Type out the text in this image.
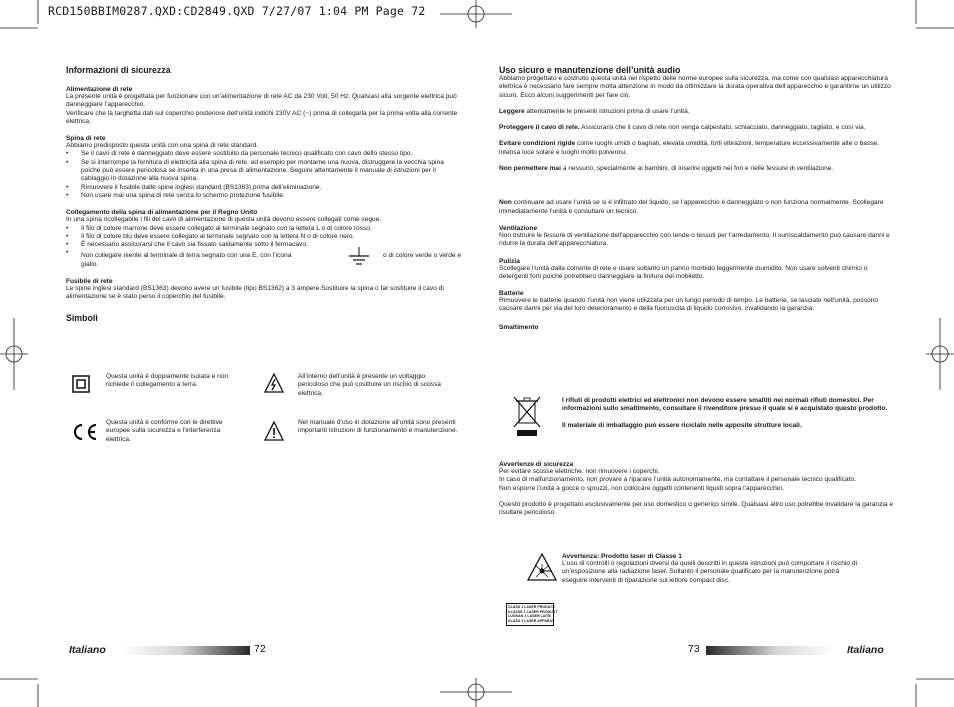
RCD150BBIM0287.QXD:CD2849.QXD 7/27/07 1:04 PM Page 72
Informazioni di sicurezza
Alimentazione di rete
La presente unità è progettata per funzionare con un’alimentazione di rete AC da 230 Volt, 50 Hz. Qualsiasi alta sorgente elettrica può danneggiare l’apparecchio.
Verificare che la targhetta dati sul coperchio posteriore dell’unità indichi 230V AC (~) prima di collegarla per la prima volta alla corrente elettrica.
Spina di rete
Abbiamo predisposto questa unità con una spina di rete standard.
• Se il cavo di rete è danneggiato deve essere sostituito da personale tecnico qualificato con cavo dello stesso tipo.
• Se si interrompe la fornitura di elettricità alla spina di rete, ad esempio per montarne una nuova, distruggere la vecchia spina poiché può essere pericolosa se inserita in una presa di alimentazione. Seguire attentamente il manuale di istruzioni per il cablaggio in dotazione alla nuova spina.
• Rimuovere il fusibile dalle spine inglesi standard (BS1363) prima dell’eliminazione.
• Non usare mai una spina di rete senza lo schermo protezione fusibile.
Collegamento della spina di alimentazione per il Regno Unito
In una spina ricollegabile i fili del cavo di alimentazione di questa unità devono essere collegati come segue.
• Il filo di colore marrone deve essere collegato al terminale segnato con la lettera L o di colore rosso.
• Il filo di colore blu deve essere collegato al terminale segnato con la lettera N o di colore nero.
• È necessario assicurarsi che il cavo sia fissato saldamente sotto il fermacavo.
• Non collegare niente al terminale di terra segnato con una E, con l’icona	o di colore verde o verde e giallo.
Fusibile di rete
Le spine inglesi standard (BS1363) devono avere un fusibile (tipo BS1362) a 3 ampere.Sostituire la spina o far sostituire il cavo di alimentazione se è stato perso il coperchio del fusibile.
Simboli
Questa unità è doppiamente isolata e non richiede il collegamento a terra.
All’interno dell’unità è presente un voltaggio pericoloso che può costituire un rischio di scossa elettrica.
Questa unità è conforme con le direttive europee sulla sicurezza e l’interferenza elettrica.
Nel manuale d’uso in dotazione all’unità sono presenti importanti istruzioni di funzionamento e manutenzione.
Italiano	72
Uso sicuro e manutenzione dell’unità audio
Abbiamo progettato e costruito questa unità nel rispetto delle norme europee sulla sicurezza, ma come con qualsiasi apparecchiatura elettrica è necessario fare sempre molta attenzione in modo da ottimizzare la durata operativa dell’apparecchio e garantirne un utilizzo sicuro. Ecco alcuni suggerimenti per fare ciò.
Leggere attentamente le presenti istruzioni prima di usare l’unità.
Proteggere il cavo di rete. Assicurarsi che il cavo di rete non venga calpestato, schiacciato, danneggiato, tagliato, e così via.
Evitare condizioni rigide come luoghi umidi o bagnati, elevata umidità, forti vibrazioni, temperature eccessivamente alte o basse, intensa luce solare e luoghi molto polverosi.
Non permettere mai a nessuno, specialmente ai bambini, di inserire oggetti nei fori e nelle fessure di ventilazione.
Non continuare ad usare l’unità se si è infiltrato del liquido, se l’apparecchio è danneggiato o non funziona normalmente. Scollegare immediatamente l’unità e consultare un tecnico.
Ventilazione
Non ostruire le fessure di ventilazione dell’apparecchio con tende o tessuti per l’arredamento. Il surriscaldamento può causare danni e ridurre la durata dell’apparecchiatura.
Pulizia
Scollegare l’unità dalla corrente di rete e usare soltanto un panno morbido leggermente inumidito. Non usare solventi chimici o detergenti forti poiché potrebbero danneggiare la finitura del mobiletto.
Batterie
Rimuovere le batterie quando l’unità non viene utilizzata per un lungo periodo di tempo. Le batterie, se lasciate nell’unità, possono causare danni per via del loro deterioramento e della fuoriuscita di liquido corrosivo, invalidando la garanzia.
Smaltimento
I rifiuti di prodotti elettrici ed elettronici non devono essere smaltiti nei normali rifiuti domestici. Per informazioni sullo smaltimento, consultare il rivenditore presso il quale si è acquistato questo prodotto.
Il materiale di imballaggio può essere riciclato nelle apposite strutture locali.
Avvertenze di sicurezza
Per evitare scosse elettriche, non rimuovere i coperchi.
In caso di malfunzionamento, non provare a riparare l’unità autonomamente, ma contattare il personale tecnico qualificato.
Non esporre l’unità a gocce o spruzzi, non collocare oggetti contenenti liquidi sopra l’apparecchio.
Questo prodotto è progettato esclusivamente per uso domestico o generico simile. Qualsiasi altro uso potrebbe invalidare la garanzia e risultare pericoloso.
Avvertenza: Prodotto laser di Classe 1
L’uso di controlli o regolazioni diversi da quelli descritti in queste istruzioni può comportare il rischio di un’esposizione alla radiazione laser. Soltanto il personale qualificato per la manutenzione potrà eseguire interventi di riparazione sul lettore compact disc.
CLASS 1 LASER PRODUCT
KLASSE 1 LASER PRODUKT
LUOKAN 1 LASER LAITE
KLASS 1 LASER APPARAT
73	Italiano
